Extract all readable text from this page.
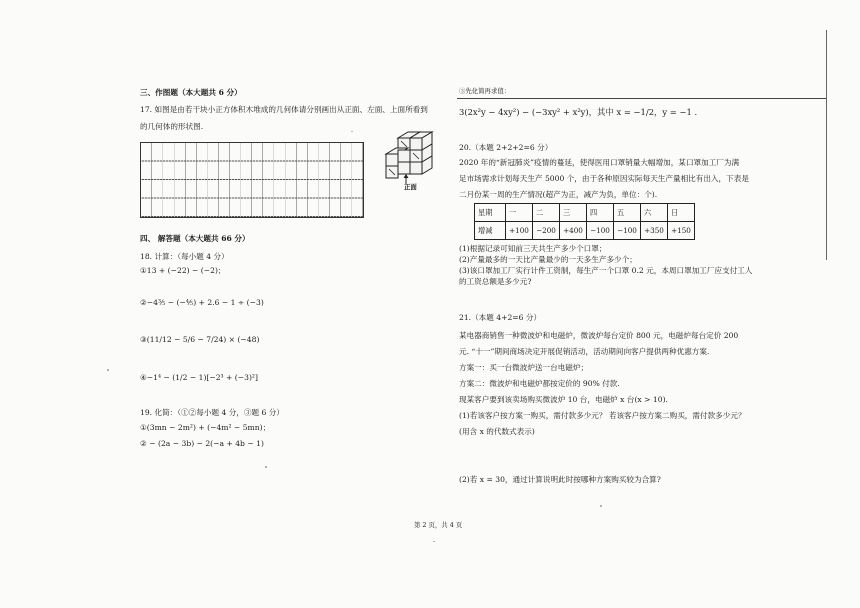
三、作图题（本大题共 6 分）
17. 如图是由若干块小正方体积木堆成的几何体请分别画出从正面、左面、上面所看到
的几何体的形状图.
正面
四、 解答题（本大题共 66 分）
18. 计算：（每小题 4 分）
①13 + (−22) − (−2)；
②−4³⁄₅ − (−⁴⁄₅) + 2.6 − 1 ÷ (−3)
③(11/12 − 5/6 − 7/24) × (−48)
④−1⁴ − (1/2 − 1)[−2³ + (−3)²]
19. 化简：（①②每小题 4 分，③题 6 分）
①(3mn − 2m²) + (−4m² − 5mn)；
② − (2a − 3b) − 2(−a + 4b − 1)
③先化简再求值：
3(2x²y − 4xy²) − (−3xy² + x²y)，其中 x = −1/2，y = −1 .
20.（本题 2+2+2=6 分）
2020 年的“新冠肺炎”疫情的蔓延，使得医用口罩销量大幅增加，某口罩加工厂为满
足市场需求计划每天生产 5000 个，由于各种原因实际每天生产量相比有出入，下表是
二月份某一周的生产情况(超产为正，减产为负，单位：个).
星期	一	二	三	四	五	六	日
增减	+100	−200	+400	−100	−100	+350	+150
(1)根据记录可知前三天共生产多少个口罩；
(2)产量最多的一天比产量最少的一天多生产多少个；
(3)该口罩加工厂实行计件工资制，每生产一个口罩 0.2 元，本周口罩加工厂应支付工人
的工资总额是多少元?
21.（本题 4+2=6 分）
某电器商销售一种微波炉和电磁炉，微波炉每台定价 800 元，电磁炉每台定价 200
元. “十一”期间商场决定开展促销活动，活动期间向客户提供两种优惠方案.
方案一：买一台微波炉送一台电磁炉；
方案二：微波炉和电磁炉都按定价的 90% 付款.
现某客户要到该卖场购买微波炉 10 台，电磁炉 x 台(x > 10).
(1)若该客户按方案一购买，需付款多少元？ 若该客户按方案二购买，需付款多少元？
(用含 x 的代数式表示)
(2)若 x = 30，通过计算说明此时按哪种方案购买较为合算?
第 2 页，共 4 页
